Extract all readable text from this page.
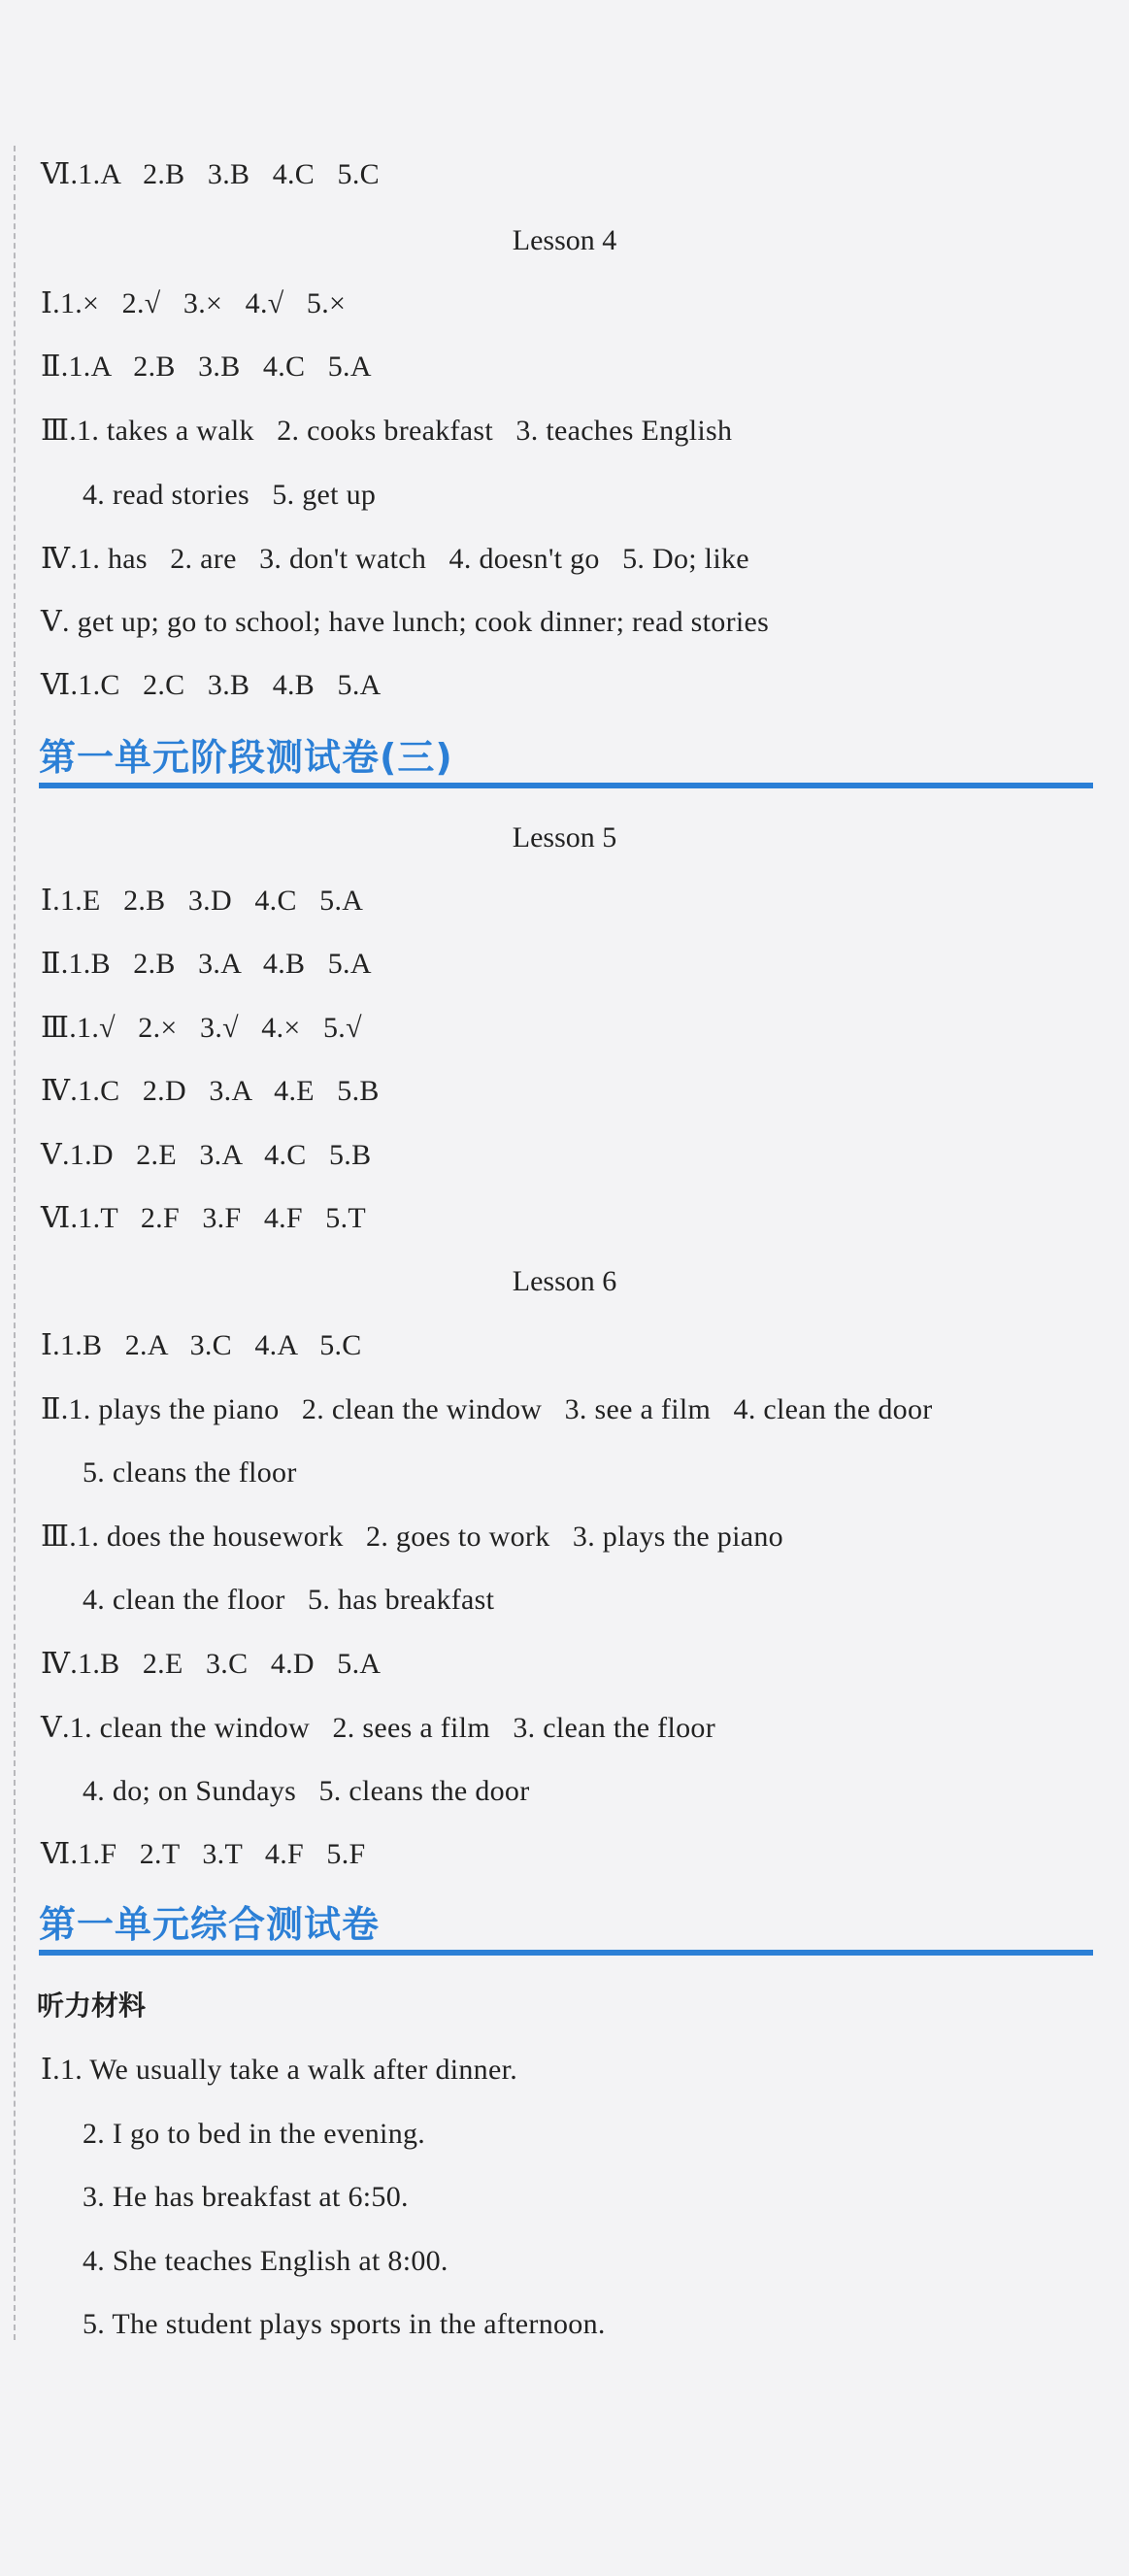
Ⅵ.1.A   2.B   3.B   4.C   5.C
Lesson 4
Ⅰ.1.×   2.√   3.×   4.√   5.×
Ⅱ.1.A   2.B   3.B   4.C   5.A
Ⅲ.1. takes a walk   2. cooks breakfast   3. teaches English
4. read stories   5. get up
Ⅳ.1. has   2. are   3. don't watch   4. doesn't go   5. Do; like
Ⅴ. get up; go to school; have lunch; cook dinner; read stories
Ⅵ.1.C   2.C   3.B   4.B   5.A
第一单元阶段测试卷(三)
Lesson 5
Ⅰ.1.E   2.B   3.D   4.C   5.A
Ⅱ.1.B   2.B   3.A   4.B   5.A
Ⅲ.1.√   2.×   3.√   4.×   5.√
Ⅳ.1.C   2.D   3.A   4.E   5.B
Ⅴ.1.D   2.E   3.A   4.C   5.B
Ⅵ.1.T   2.F   3.F   4.F   5.T
Lesson 6
Ⅰ.1.B   2.A   3.C   4.A   5.C
Ⅱ.1. plays the piano   2. clean the window   3. see a film   4. clean the door
5. cleans the floor
Ⅲ.1. does the housework   2. goes to work   3. plays the piano
4. clean the floor   5. has breakfast
Ⅳ.1.B   2.E   3.C   4.D   5.A
Ⅴ.1. clean the window   2. sees a film   3. clean the floor
4. do; on Sundays   5. cleans the door
Ⅵ.1.F   2.T   3.T   4.F   5.F
第一单元综合测试卷
听力材料
Ⅰ.1. We usually take a walk after dinner.
2. I go to bed in the evening.
3. He has breakfast at 6:50.
4. She teaches English at 8:00.
5. The student plays sports in the afternoon.
